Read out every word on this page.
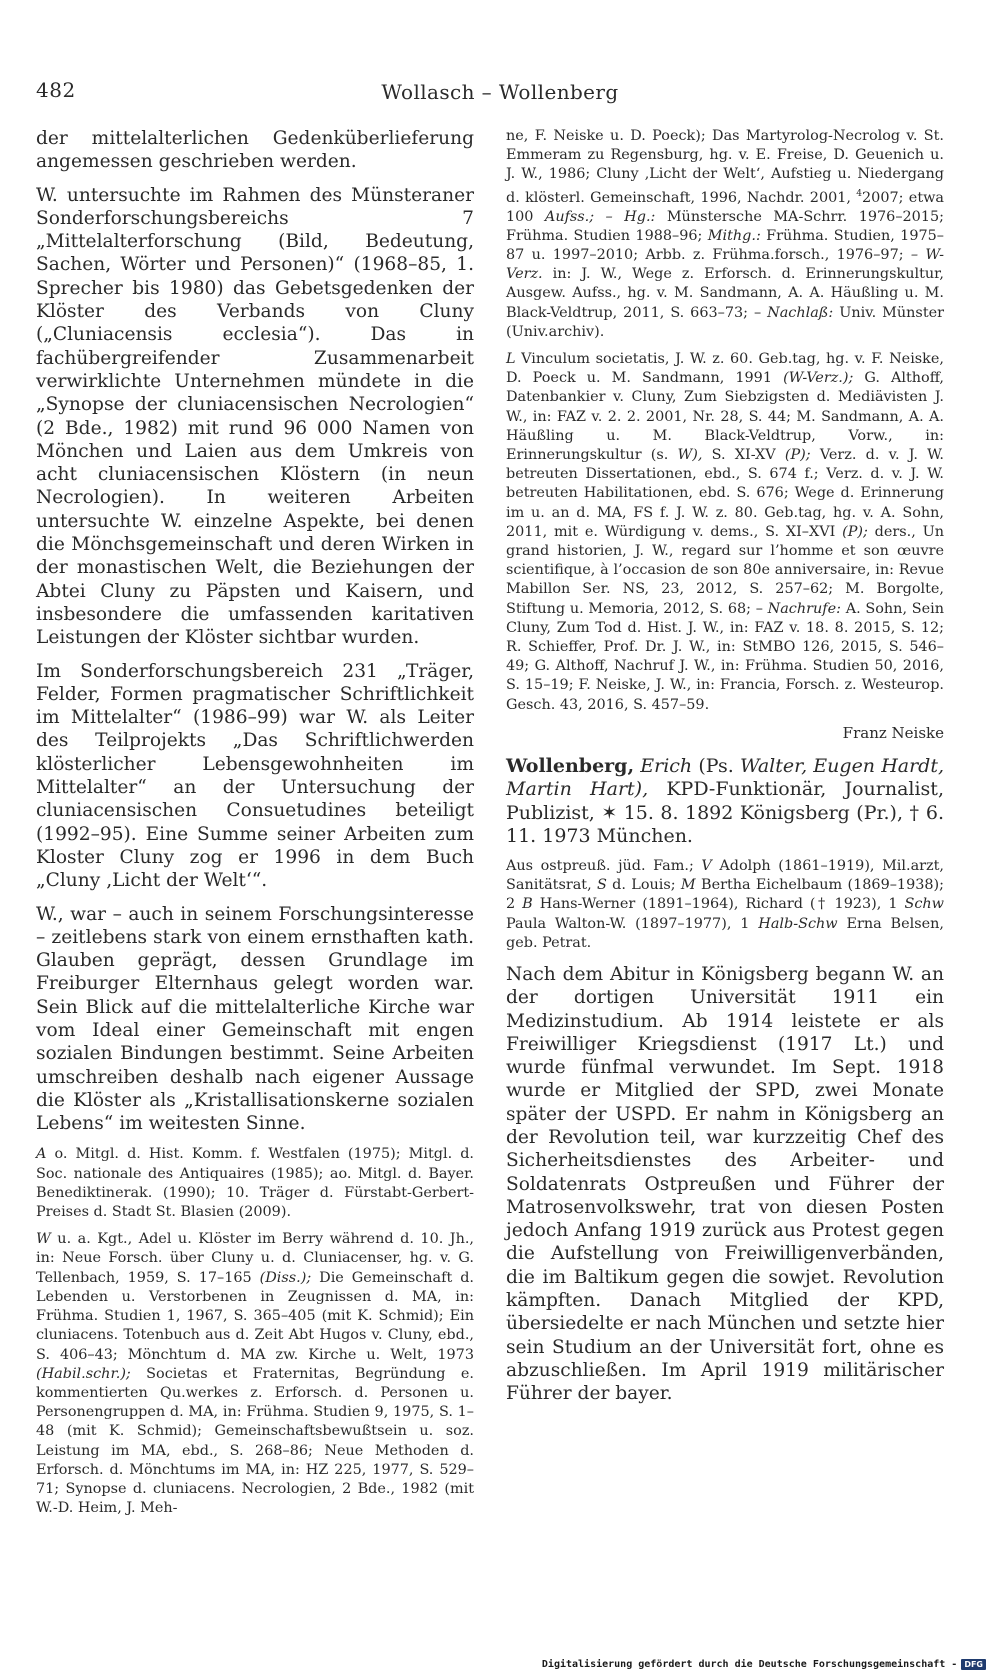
482	Wollasch – Wollenberg

der mittelalterlichen Gedenküberlieferung angemessen geschrieben werden.

W. untersuchte im Rahmen des Münsteraner Sonderforschungsbereichs 7 „Mittelalterforschung (Bild, Bedeutung, Sachen, Wörter und Personen)“ (1968–85, 1. Sprecher bis 1980) das Gebetsgedenken der Klöster des Verbands von Cluny („Cluniacensis ecclesia“). Das in fachübergreifender Zusammenarbeit verwirklichte Unternehmen mündete in die „Synopse der cluniacensischen Necrologien“ (2 Bde., 1982) mit rund 96 000 Namen von Mönchen und Laien aus dem Umkreis von acht cluniacensischen Klöstern (in neun Necrologien). In weiteren Arbeiten untersuchte W. einzelne Aspekte, bei denen die Mönchsgemeinschaft und deren Wirken in der monastischen Welt, die Beziehungen der Abtei Cluny zu Päpsten und Kaisern, und insbesondere die umfassenden karitativen Leistungen der Klöster sichtbar wurden.

Im Sonderforschungsbereich 231 „Träger, Felder, Formen pragmatischer Schriftlichkeit im Mittelalter“ (1986–99) war W. als Leiter des Teilprojekts „Das Schriftlichwerden klösterlicher Lebensgewohnheiten im Mittelalter“ an der Untersuchung der cluniacensischen Consuetudines beteiligt (1992–95). Eine Summe seiner Arbeiten zum Kloster Cluny zog er 1996 in dem Buch „Cluny ‚Licht der Welt‘“.

W., war – auch in seinem Forschungsinteresse – zeitlebens stark von einem ernsthaften kath. Glauben geprägt, dessen Grundlage im Freiburger Elternhaus gelegt worden war. Sein Blick auf die mittelalterliche Kirche war vom Ideal einer Gemeinschaft mit engen sozialen Bindungen bestimmt. Seine Arbeiten umschreiben deshalb nach eigener Aussage die Klöster als „Kristallisationskerne sozialen Lebens“ im weitesten Sinne.

A o. Mitgl. d. Hist. Komm. f. Westfalen (1975); Mitgl. d. Soc. nationale des Antiquaires (1985); ao. Mitgl. d. Bayer. Benediktinerak. (1990); 10. Träger d. Fürstabt-Gerbert-Preises d. Stadt St. Blasien (2009).

W u. a. Kgt., Adel u. Klöster im Berry während d. 10. Jh., in: Neue Forsch. über Cluny u. d. Cluniacenser, hg. v. G. Tellenbach, 1959, S. 17–165 (Diss.); Die Gemeinschaft d. Lebenden u. Verstorbenen in Zeugnissen d. MA, in: Frühma. Studien 1, 1967, S. 365–405 (mit K. Schmid); Ein cluniacens. Totenbuch aus d. Zeit Abt Hugos v. Cluny, ebd., S. 406–43; Mönchtum d. MA zw. Kirche u. Welt, 1973 (Habil.schr.); Societas et Fraternitas, Begründung e. kommentierten Qu.werkes z. Erforsch. d. Personen u. Personengruppen d. MA, in: Frühma. Studien 9, 1975, S. 1–48 (mit K. Schmid); Gemeinschaftsbewußtsein u. soz. Leistung im MA, ebd., S. 268–86; Neue Methoden d. Erforsch. d. Mönchtums im MA, in: HZ 225, 1977, S. 529–71; Synopse d. cluniacens. Necrologien, 2 Bde., 1982 (mit W.-D. Heim, J. Meh-

ne, F. Neiske u. D. Poeck); Das Martyrolog-Necrolog v. St. Emmeram zu Regensburg, hg. v. E. Freise, D. Geuenich u. J. W., 1986; Cluny ‚Licht der Welt‘, Aufstieg u. Niedergang d. klösterl. Gemeinschaft, 1996, Nachdr. 2001, $^4$2007; etwa 100 Aufss.; – Hg.: Münstersche MA-Schrr. 1976–2015; Frühma. Studien 1988–96; Mithg.: Frühma. Studien, 1975–87 u. 1997–2010; Arbb. z. Frühma.forsch., 1976–97; – W-Verz. in: J. W., Wege z. Erforsch. d. Erinnerungskultur, Ausgew. Aufss., hg. v. M. Sandmann, A. A. Häußling u. M. Black-Veldtrup, 2011, S. 663–73; – Nachlaß: Univ. Münster (Univ.archiv).

L Vinculum societatis, J. W. z. 60. Geb.tag, hg. v. F. Neiske, D. Poeck u. M. Sandmann, 1991 (W-Verz.); G. Althoff, Datenbankier v. Cluny, Zum Siebzigsten d. Mediävisten J. W., in: FAZ v. 2. 2. 2001, Nr. 28, S. 44; M. Sandmann, A. A. Häußling u. M. Black-Veldtrup, Vorw., in: Erinnerungskultur (s. W), S. XI-XV (P); Verz. d. v. J. W. betreuten Dissertationen, ebd., S. 674 f.; Verz. d. v. J. W. betreuten Habilitationen, ebd. S. 676; Wege d. Erinnerung im u. an d. MA, FS f. J. W. z. 80. Geb.tag, hg. v. A. Sohn, 2011, mit e. Würdigung v. dems., S. XI–XVI (P); ders., Un grand historien, J. W., regard sur l’homme et son œuvre scientifique, à l’occasion de son 80e anniversaire, in: Revue Mabillon Ser. NS, 23, 2012, S. 257–62; M. Borgolte, Stiftung u. Memoria, 2012, S. 68; – Nachrufe: A. Sohn, Sein Cluny, Zum Tod d. Hist. J. W., in: FAZ v. 18. 8. 2015, S. 12; R. Schieffer, Prof. Dr. J. W., in: StMBO 126, 2015, S. 546–49; G. Althoff, Nachruf J. W., in: Frühma. Studien 50, 2016, S. 15–19; F. Neiske, J. W., in: Francia, Forsch. z. Westeurop. Gesch. 43, 2016, S. 457–59.

Franz Neiske

Wollenberg, Erich (Ps. Walter, Eugen Hardt, Martin Hart), KPD-Funktionär, Journalist, Publizist, ✶ 15. 8. 1892 Königsberg (Pr.), † 6. 11. 1973 München.

Aus ostpreuß. jüd. Fam.; V Adolph (1861–1919), Mil.arzt, Sanitätsrat, S d. Louis; M Bertha Eichelbaum (1869–1938); 2 B Hans-Werner (1891–1964), Richard († 1923), 1 Schw Paula Walton-W. (1897–1977), 1 Halb-Schw Erna Belsen, geb. Petrat.

Nach dem Abitur in Königsberg begann W. an der dortigen Universität 1911 ein Medizinstudium. Ab 1914 leistete er als Freiwilliger Kriegsdienst (1917 Lt.) und wurde fünfmal verwundet. Im Sept. 1918 wurde er Mitglied der SPD, zwei Monate später der USPD. Er nahm in Königsberg an der Revolution teil, war kurzzeitig Chef des Sicherheitsdienstes des Arbeiter- und Soldatenrats Ostpreußen und Führer der Matrosenvolkswehr, trat von diesen Posten jedoch Anfang 1919 zurück aus Protest gegen die Aufstellung von Freiwilligenverbänden, die im Baltikum gegen die sowjet. Revolution kämpften. Danach Mitglied der KPD, übersiedelte er nach München und setzte hier sein Studium an der Universität fort, ohne es abzuschließen. Im April 1919 militärischer Führer der bayer.

Digitalisierung gefördert durch die Deutsche Forschungsgemeinschaft - DFG
